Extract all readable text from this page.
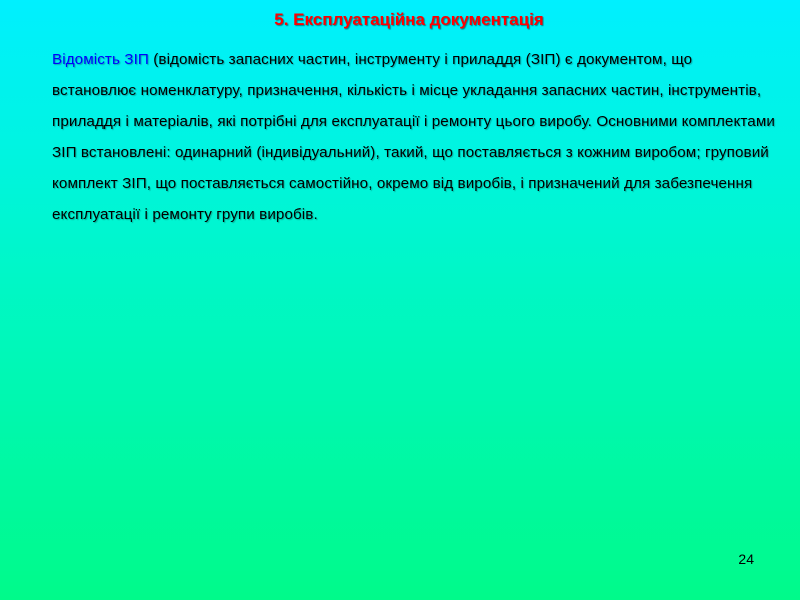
5. Експлуатаційна документація
Відомість ЗІП (відомість запасних частин, інструменту і приладдя (ЗІП) є документом, що встановлює номенклатуру, призначення, кількість і місце укладання запасних частин, інструментів, приладдя і матеріалів, які потрібні для експлуатації і ремонту цього виробу. Основними комплектами ЗІП встановлені: одинарний (індивідуальний), такий, що поставляється з кожним виробом; груповий комплект ЗІП, що поставляється самостійно, окремо від виробів, і призначений для забезпечення експлуатації і ремонту групи виробів.
24
